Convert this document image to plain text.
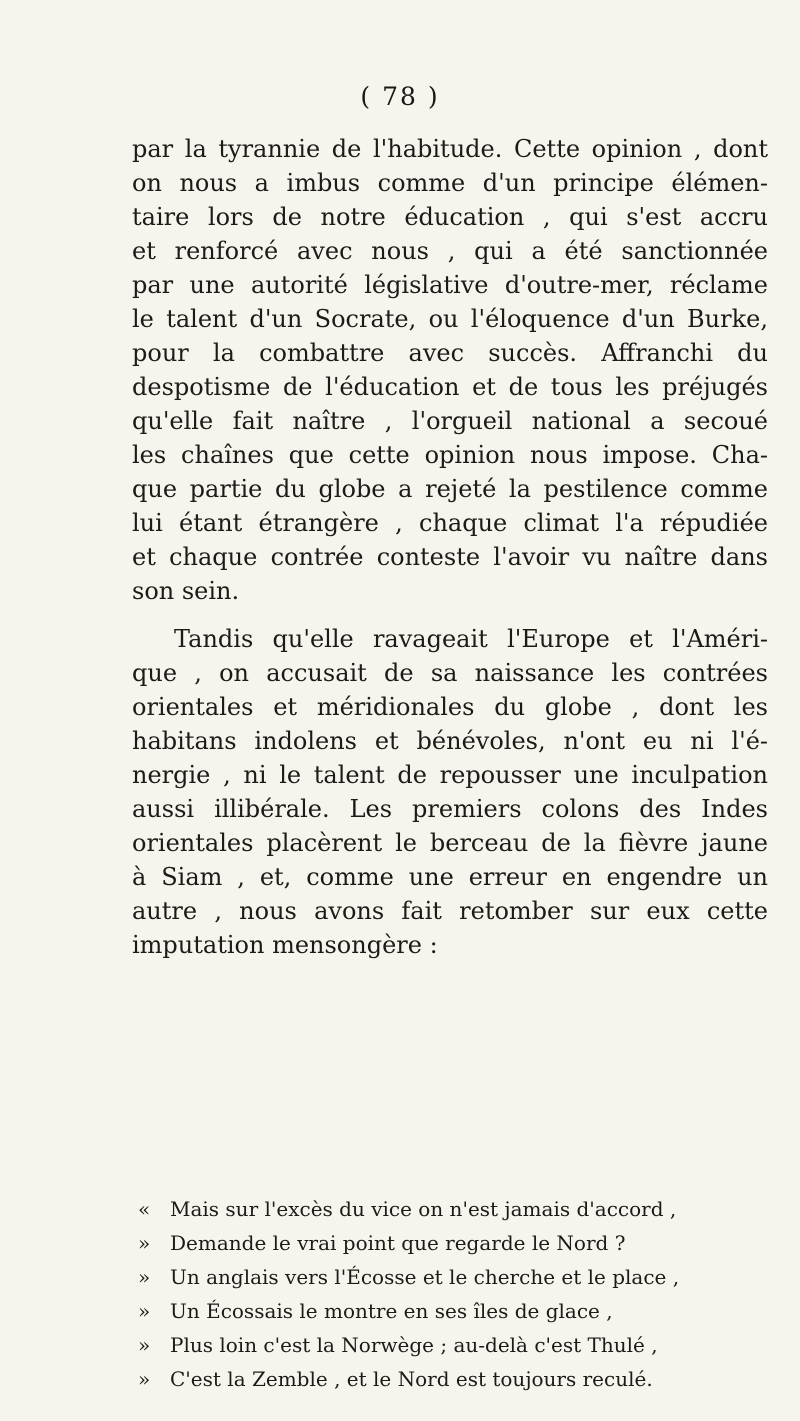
( 78 )
par la tyrannie de l'habitude. Cette opinion , dont
on nous a imbus comme d'un principe élémen-
taire lors de notre éducation , qui s'est accru
et renforcé avec nous , qui a été sanctionnée
par une autorité législative d'outre-mer, réclame
le talent d'un Socrate, ou l'éloquence d'un Burke,
pour la combattre avec succès. Affranchi du
despotisme de l'éducation et de tous les préjugés
qu'elle fait naître , l'orgueil national a secoué
les chaînes que cette opinion nous impose. Cha-
que partie du globe a rejeté la pestilence comme
lui étant étrangère , chaque climat l'a répudiée
et chaque contrée conteste l'avoir vu naître dans
son sein.
Tandis qu'elle ravageait l'Europe et l'Améri-
que , on accusait de sa naissance les contrées
orientales et méridionales du globe , dont les
habitans indolens et bénévoles, n'ont eu ni l'é-
nergie , ni le talent de repousser une inculpation
aussi illibérale. Les premiers colons des Indes
orientales placèrent le berceau de la fièvre jaune
à Siam , et, comme une erreur en engendre un
autre , nous avons fait retomber sur eux cette
imputation mensongère :
« Mais sur l'excès du vice on n'est jamais d'accord ,
» Demande le vrai point que regarde le Nord ?
» Un anglais vers l'Écosse et le cherche et le place ,
» Un Écossais le montre en ses îles de glace ,
» Plus loin c'est la Norwège ; au-delà c'est Thulé ,
» C'est la Zemble , et le Nord est toujours reculé.
